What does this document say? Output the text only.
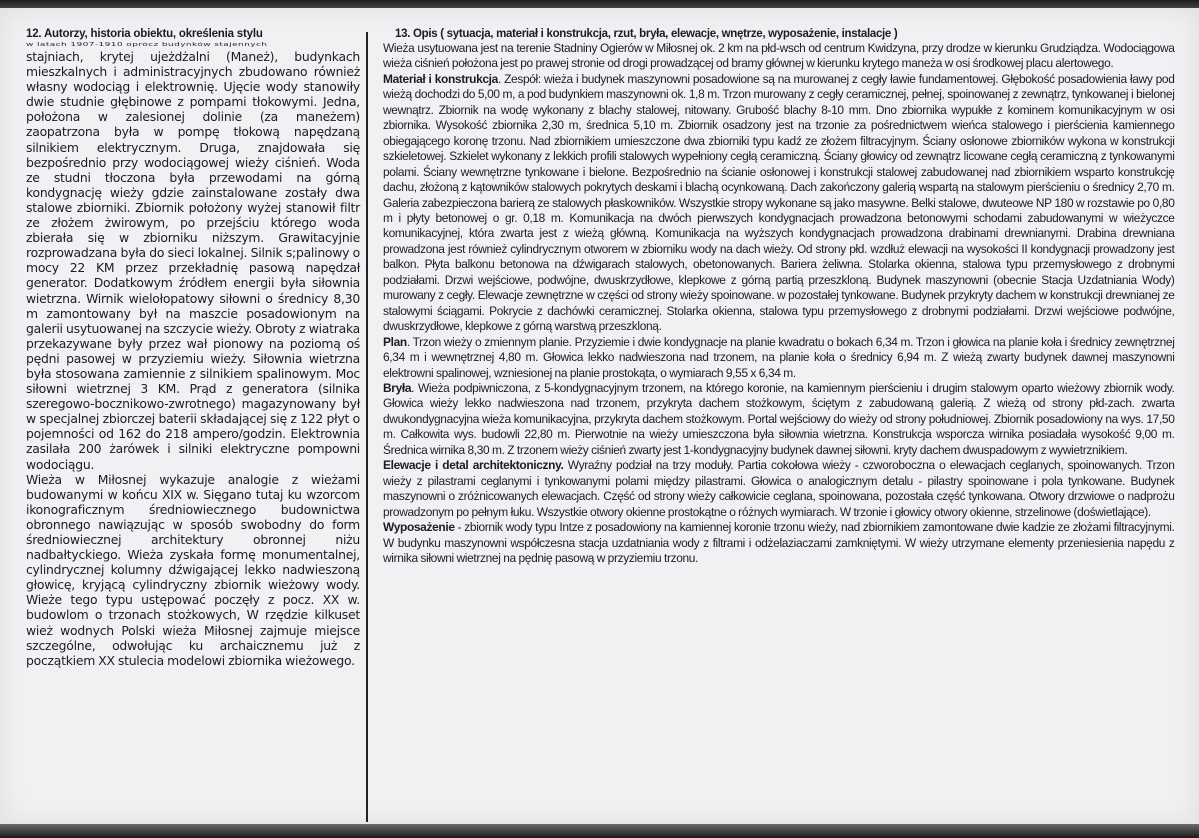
12. Autorzy, historia obiektu, określenia stylu
w latach 1907-1910 oprócz budynków stajennych

stajniach, krytej ujeżdżalni (Maneż), budynkach mieszkalnych i administracyjnych zbudowano również własny wodociąg i elektrownię. Ujęcie wody stanowiły dwie studnie głębinowe z pompami tłokowymi. Jedna, położona w zalesionej dolinie (za maneżem) zaopatrzona była w pompę tłokową napędzaną silnikiem elektrycznym. Druga, znajdowała się bezpośrednio przy wodociągowej wieży ciśnień. Woda ze studni tłoczona była przewodami na górną kondygnację wieży gdzie zainstalowane zostały dwa stalowe zbiorniki. Zbiornik położony wyżej stanowił filtr ze złożem żwirowym, po przejściu którego woda zbierała się w zbiorniku niższym. Grawitacyjnie rozprowadzana była do sieci lokalnej. Silnik s;palinowy o mocy 22 KM przez przekładnię pasową napędzał generator. Dodatkowym źródłem energii była siłownia wietrzna. Wirnik wielołopatowy siłowni o średnicy 8,30 m zamontowany był na maszcie posadowionym na galerii usytuowanej na szczycie wieży. Obroty z wiatraka przekazywane były przez wał pionowy na poziomą oś pędni pasowej w przyziemiu wieży. Siłownia wietrzna była stosowana zamiennie z silnikiem spalinowym. Moc siłowni wietrznej 3 KM. Prąd z generatora (silnika szeregowo-bocznikowo-zwrotnego) magazynowany był w specjalnej zbiorczej baterii składającej się z 122 płyt o pojemności od 162 do 218 ampero/godzin. Elektrownia zasilała 200 żarówek i silniki elektryczne pompowni wodociągu.

Wieża w Miłosnej wykazuje analogie z wieżami budowanymi w końcu XIX w. Sięgano tutaj ku wzorcom ikonograficznym średniowiecznego budownictwa obronnego nawiązując w sposób swobodny do form średniowiecznej architektury obronnej niżu nadbałtyckiego. Wieża zyskała formę monumentalnej, cylindrycznej kolumny dźwigającej lekko nadwieszoną głowicę, kryjącą cylindryczny zbiornik wieżowy wody. Wieże tego typu ustępować poczęły z pocz. XX w. budowlom o trzonach stożkowych, W rzędzie kilkuset wież wodnych Polski wieża Miłosnej zajmuje miejsce szczególne, odwołując ku archaicznemu już z początkiem XX stulecia modelowi zbiornika wieżowego.

13. Opis ( sytuacja, materiał i konstrukcja, rzut, bryła, elewacje, wnętrze, wyposażenie, instalacje )

Wieża usytuowana jest na terenie Stadniny Ogierów w Miłosnej ok. 2 km na płd-wsch od centrum Kwidzyna, przy drodze w kierunku Grudziądza. Wodociągowa wieża ciśnień położona jest po prawej stronie od drogi prowadzącej od bramy głównej w kierunku krytego maneża w osi środkowej placu alertowego.

Materiał i konstrukcja. Zespół: wieża i budynek maszynowni posadowione są na murowanej z cegły ławie fundamentowej. Głębokość posadowienia ławy pod wieżą dochodzi do 5,00 m, a pod budynkiem maszynowni ok. 1,8 m. Trzon murowany z cegły ceramicznej, pełnej, spoinowanej z zewnątrz, tynkowanej i bielonej wewnątrz. Zbiornik na wodę wykonany z blachy stalowej, nitowany. Grubość blachy 8-10 mm. Dno zbiornika wypukłe z kominem komunikacyjnym w osi zbiornika. Wysokość zbiornika 2,30 m, średnica 5,10 m. Zbiornik osadzony jest na trzonie za pośrednictwem wieńca stalowego i pierścienia kamiennego obiegającego koronę trzonu. Nad zbiornikiem umieszczone dwa zbiorniki typu kadź ze złożem filtracyjnym. Ściany osłonowe zbiorników wykona w konstrukcji szkieletowej. Szkielet wykonany z lekkich profili stalowych wypełniony cegłą ceramiczną. Ściany głowicy od zewnątrz licowane cegłą ceramiczną z tynkowanymi polami. Ściany wewnętrzne tynkowane i bielone. Bezpośrednio na ścianie osłonowej i konstrukcji stalowej zabudowanej nad zbiornikiem wsparto konstrukcję dachu, złożoną z kątowników stalowych pokrytych deskami i blachą ocynkowaną. Dach zakończony galerią wspartą na stalowym pierścieniu o średnicy 2,70 m. Galeria zabezpieczona barierą ze stalowych płaskowników. Wszystkie stropy wykonane są jako masywne. Belki stalowe, dwuteowe NP 180 w rozstawie po 0,80 m i płyty betonowej o gr. 0,18 m. Komunikacja na dwóch pierwszych kondygnacjach prowadzona betonowymi schodami zabudowanymi w wieżyczce komunikacyjnej, która zwarta jest z wieżą główną. Komunikacja na wyższych kondygnacjach prowadzona drabinami drewnianymi. Drabina drewniana prowadzona jest również cylindrycznym otworem w zbiorniku wody na dach wieży. Od strony płd. wzdłuż elewacji na wysokości II kondygnacji prowadzony jest balkon. Płyta balkonu betonowa na dźwigarach stalowych, obetonowanych. Bariera żeliwna. Stolarka okienna, stalowa typu przemysłowego z drobnymi podziałami. Drzwi wejściowe, podwójne, dwuskrzydłowe, klepkowe z górną partią przeszkloną. Budynek maszynowni (obecnie Stacja Uzdatniania Wody) murowany z cegły. Elewacje zewnętrzne w części od strony wieży spoinowane. w pozostałej tynkowane. Budynek przykryty dachem w konstrukcji drewnianej ze stalowymi ściągami. Pokrycie z dachówki ceramicznej. Stolarka okienna, stalowa typu przemysłowego z drobnymi podziałami. Drzwi wejściowe podwójne, dwuskrzydłowe, klepkowe z górną warstwą przeszkloną.

Plan. Trzon wieży o zmiennym planie. Przyziemie i dwie kondygnacje na planie kwadratu o bokach 6,34 m. Trzon i głowica na planie koła i średnicy zewnętrznej 6,34 m i wewnętrznej 4,80 m. Głowica lekko nadwieszona nad trzonem, na planie koła o średnicy 6,94 m. Z wieżą zwarty budynek dawnej maszynowni elektrowni spalinowej, wzniesionej na planie prostokąta, o wymiarach 9,55 x 6,34 m.

Bryła. Wieża podpiwniczona, z 5-kondygnacyjnym trzonem, na którego koronie, na kamiennym pierścieniu i drugim stalowym oparto wieżowy zbiornik wody. Głowica wieży lekko nadwieszona nad trzonem, przykryta dachem stożkowym, ściętym z zabudowaną galerią. Z wieżą od strony płd-zach. zwarta dwukondygnacyjna wieża komunikacyjna, przykryta dachem stożkowym. Portal wejściowy do wieży od strony południowej. Zbiornik posadowiony na wys. 17,50 m. Całkowita wys. budowli 22,80 m. Pierwotnie na wieży umieszczona była siłownia wietrzna. Konstrukcja wsporcza wirnika posiadała wysokość 9,00 m. Średnica wirnika 8,30 m. Z trzonem wieży ciśnień zwarty jest 1-kondygnacyjny budynek dawnej siłowni. kryty dachem dwuspadowym z wywietrznikiem.

Elewacje i detal architektoniczny. Wyraźny podział na trzy moduły. Partia cokołowa wieży - czworoboczna o elewacjach ceglanych, spoinowanych. Trzon wieży z pilastrami ceglanymi i tynkowanymi polami między pilastrami. Głowica o analogicznym detalu - pilastry spoinowane i pola tynkowane. Budynek maszynowni o zróżnicowanych elewacjach. Część od strony wieży całkowicie ceglana, spoinowana, pozostała część tynkowana. Otwory drzwiowe o nadprożu prowadzonym po pełnym łuku. Wszystkie otwory okienne prostokątne o różnych wymiarach. W trzonie i głowicy otwory okienne, strzelinowe (doświetlające).

Wyposażenie - zbiornik wody typu Intze z posadowiony na kamiennej koronie trzonu wieży, nad zbiornikiem zamontowane dwie kadzie ze złożami filtracyjnymi. W budynku maszynowni współczesna stacja uzdatniania wody z filtrami i odżelaziaczami zamkniętymi. W wieży utrzymane elementy przeniesienia napędu z wirnika siłowni wietrznej na pędnię pasową w przyziemiu trzonu.
